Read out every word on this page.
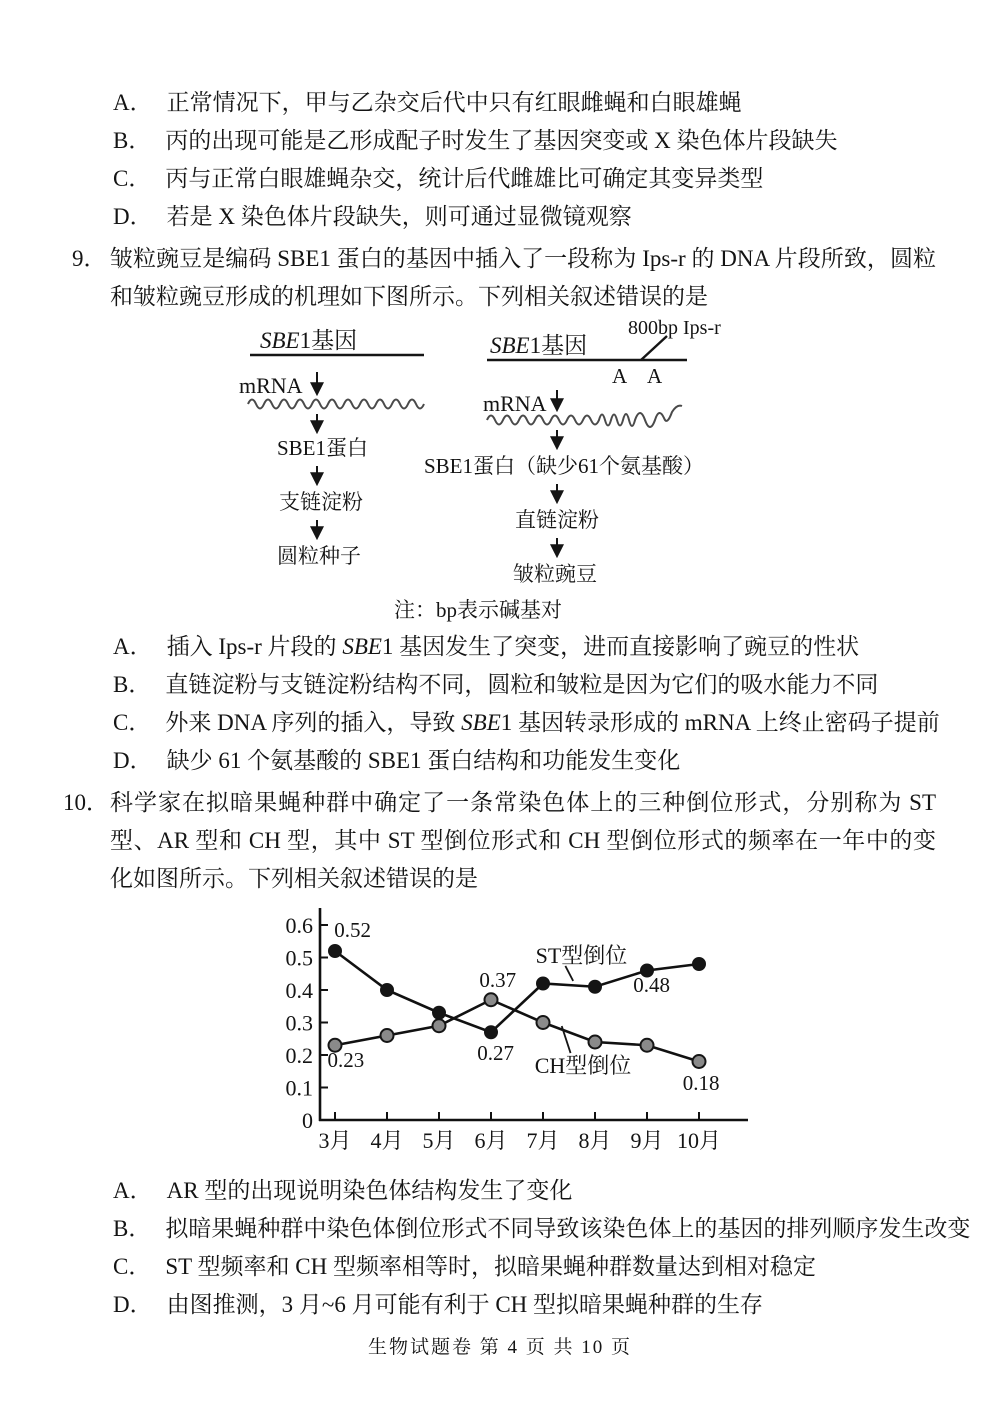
A． 正常情况下，甲与乙杂交后代中只有红眼雌蝇和白眼雄蝇
B． 丙的出现可能是乙形成配子时发生了基因突变或 X 染色体片段缺失
C． 丙与正常白眼雄蝇杂交，统计后代雌雄比可确定其变异类型
D． 若是 X 染色体片段缺失，则可通过显微镜观察
9． 皱粒豌豆是编码 SBE1 蛋白的基因中插入了一段称为 Ips-r 的 DNA 片段所致，圆粒和皱粒豌豆形成的机理如下图所示。下列相关叙述错误的是
SBE1基因
mRNA
SBE1蛋白
支链淀粉
圆粒种子
800bp Ips-r
SBE1基因
A　A
mRNA
SBE1蛋白（缺少61个氨基酸）
直链淀粉
皱粒豌豆
注：bp表示碱基对
A． 插入 Ips-r 片段的 SBE1 基因发生了突变，进而直接影响了豌豆的性状
B． 直链淀粉与支链淀粉结构不同，圆粒和皱粒是因为它们的吸水能力不同
C． 外来 DNA 序列的插入，导致 SBE1 基因转录形成的 mRNA 上终止密码子提前
D． 缺少 61 个氨基酸的 SBE1 蛋白结构和功能发生变化
10． 科学家在拟暗果蝇种群中确定了一条常染色体上的三种倒位形式，分别称为 ST 型、AR 型和 CH 型，其中 ST 型倒位形式和 CH 型倒位形式的频率在一年中的变化如图所示。下列相关叙述错误的是
0
0.1
0.2
0.3
0.4
0.5
0.6
3月 4月 5月 6月 7月 8月 9月 10月
0.52
0.23
0.37
0.27
0.48
0.18
ST型倒位
CH型倒位
A． AR 型的出现说明染色体结构发生了变化
B． 拟暗果蝇种群中染色体倒位形式不同导致该染色体上的基因的排列顺序发生改变
C． ST 型频率和 CH 型频率相等时，拟暗果蝇种群数量达到相对稳定
D． 由图推测，3 月~6 月可能有利于 CH 型拟暗果蝇种群的生存
生物试题卷 第 4 页 共 10 页
